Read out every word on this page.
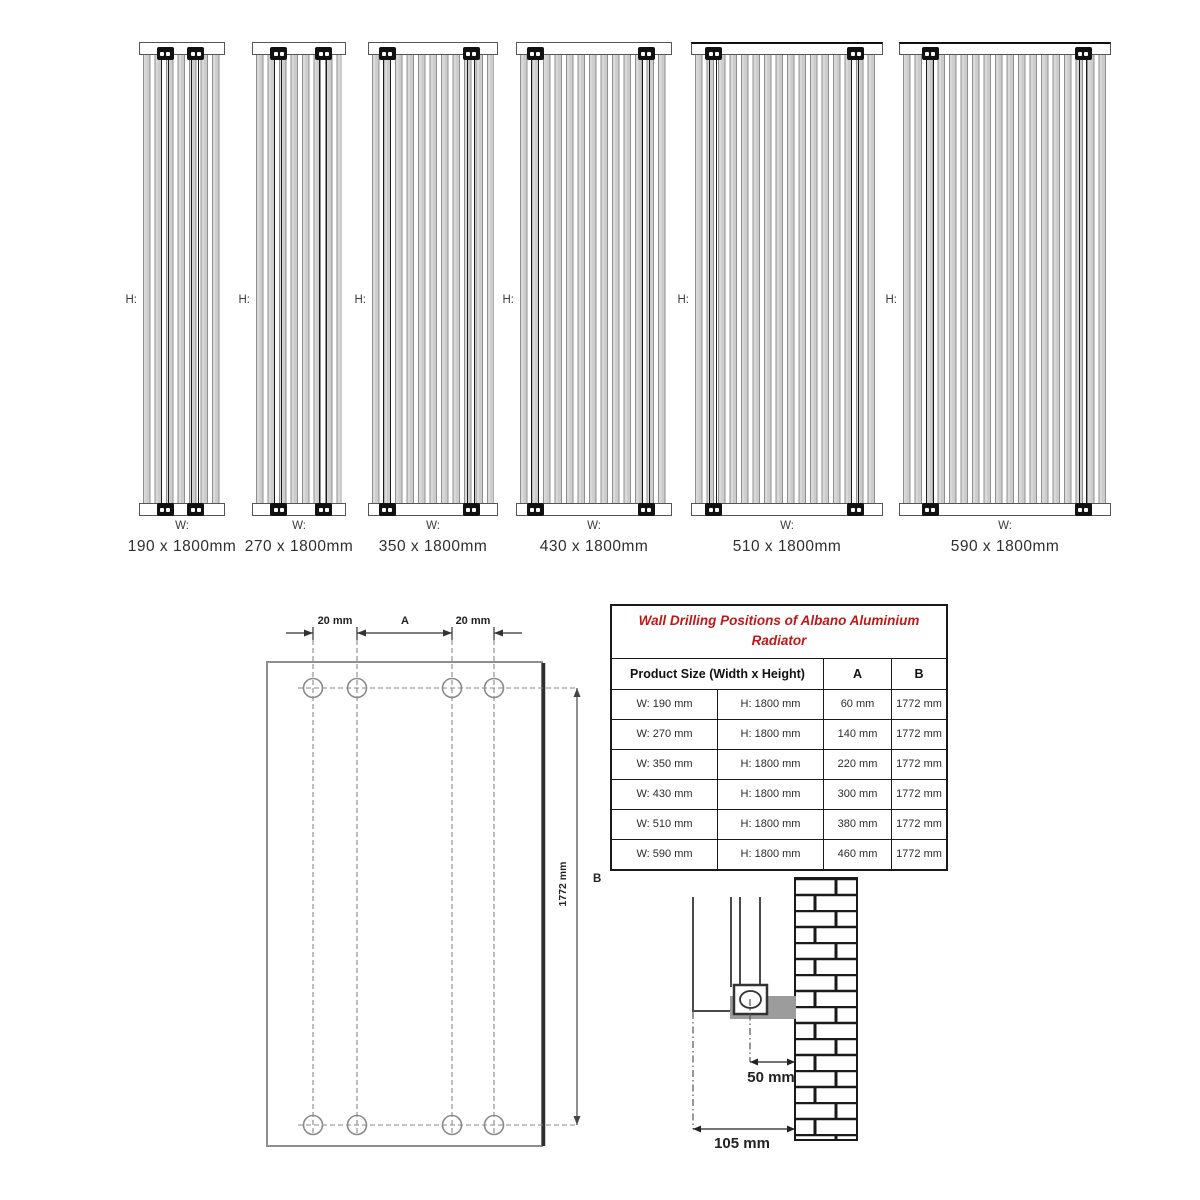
H:
W:
190 x 1800mm
H:
W:
270 x 1800mm
H:
W:
350 x 1800mm
H:
W:
430 x 1800mm
H:
W:
510 x 1800mm
H:
W:
590 x 1800mm
20 mm	A	20 mm
1772 mm B
Wall Drilling Positions of Albano Aluminium Radiator
Product Size (Width x Height)	A	B
W: 190 mm	H: 1800 mm	60 mm	1772 mm
W: 270 mm	H: 1800 mm	140 mm	1772 mm
W: 350 mm	H: 1800 mm	220 mm	1772 mm
W: 430 mm	H: 1800 mm	300 mm	1772 mm
W: 510 mm	H: 1800 mm	380 mm	1772 mm
W: 590 mm	H: 1800 mm	460 mm	1772 mm
50 mm
105 mm
